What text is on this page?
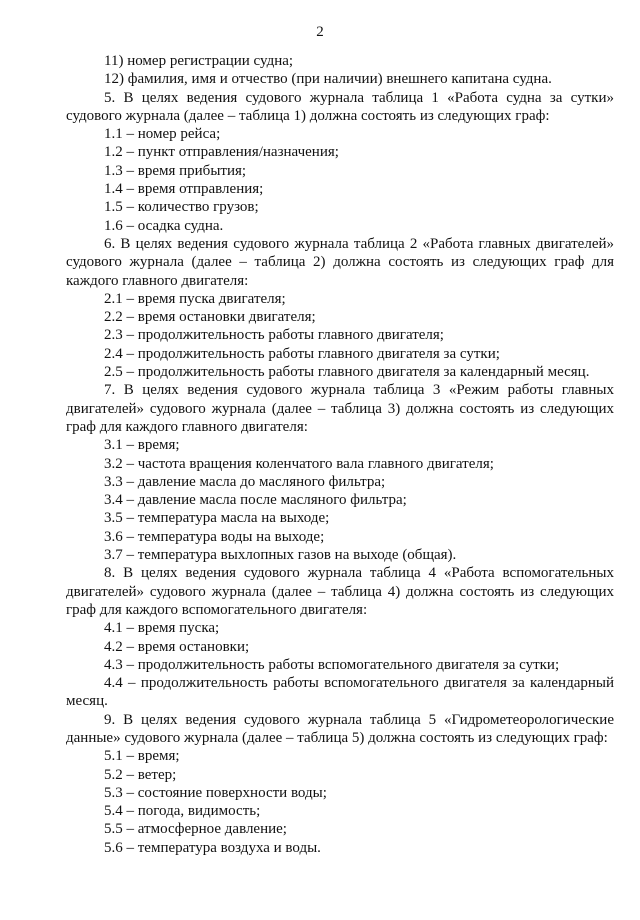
2
11) номер регистрации судна;
12) фамилия, имя и отчество (при наличии) внешнего капитана судна.
5. В целях ведения судового журнала таблица 1 «Работа судна за сутки»
судового журнала (далее – таблица 1) должна состоять из следующих граф:
1.1 – номер рейса;
1.2 – пункт отправления/назначения;
1.3 – время прибытия;
1.4 – время отправления;
1.5 – количество грузов;
1.6 – осадка судна.
6. В целях ведения судового журнала таблица 2 «Работа главных двигателей»
судового журнала (далее – таблица 2) должна состоять из следующих граф для
каждого главного двигателя:
2.1 – время пуска двигателя;
2.2 – время остановки двигателя;
2.3 – продолжительность работы главного двигателя;
2.4 – продолжительность работы главного двигателя за сутки;
2.5 – продолжительность работы главного двигателя за календарный месяц.
7. В целях ведения судового журнала таблица 3 «Режим работы главных
двигателей» судового журнала (далее – таблица 3) должна состоять из следующих
граф для каждого главного двигателя:
3.1 – время;
3.2 – частота вращения коленчатого вала главного двигателя;
3.3 – давление масла до масляного фильтра;
3.4 – давление масла после масляного фильтра;
3.5 – температура масла на выходе;
3.6 – температура воды на выходе;
3.7 – температура выхлопных газов на выходе (общая).
8. В целях ведения судового журнала таблица 4 «Работа вспомогательных
двигателей» судового журнала (далее – таблица 4) должна состоять из следующих
граф для каждого вспомогательного двигателя:
4.1 – время пуска;
4.2 – время остановки;
4.3 – продолжительность работы вспомогательного двигателя за сутки;
4.4 – продолжительность работы вспомогательного двигателя за календарный
месяц.
9. В целях ведения судового журнала таблица 5 «Гидрометеорологические
данные» судового журнала (далее – таблица 5) должна состоять из следующих граф:
5.1 – время;
5.2 – ветер;
5.3 – состояние поверхности воды;
5.4 – погода, видимость;
5.5 – атмосферное давление;
5.6 – температура воздуха и воды.
